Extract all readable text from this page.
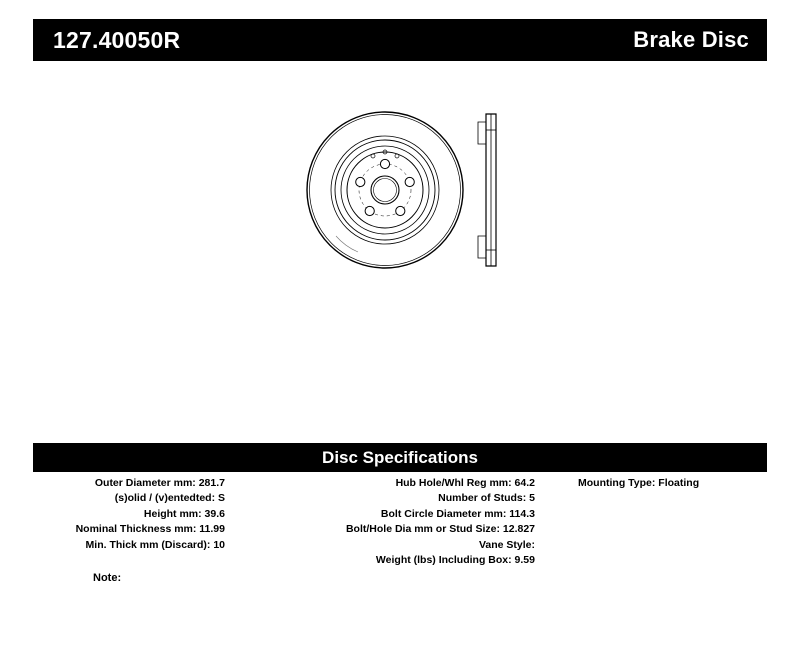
127.40050R	Brake Disc
Disc Specifications
Outer Diameter mm: 281.7
(s)olid / (v)entedted: S
Height mm: 39.6
Nominal Thickness mm: 11.99
Min. Thick mm (Discard): 10
Hub Hole/Whl Reg mm: 64.2
Number of Studs: 5
Bolt Circle Diameter mm: 114.3
Bolt/Hole Dia mm or Stud Size: 12.827
Vane Style:
Weight (lbs) Including Box: 9.59
Mounting Type: Floating
Note:
